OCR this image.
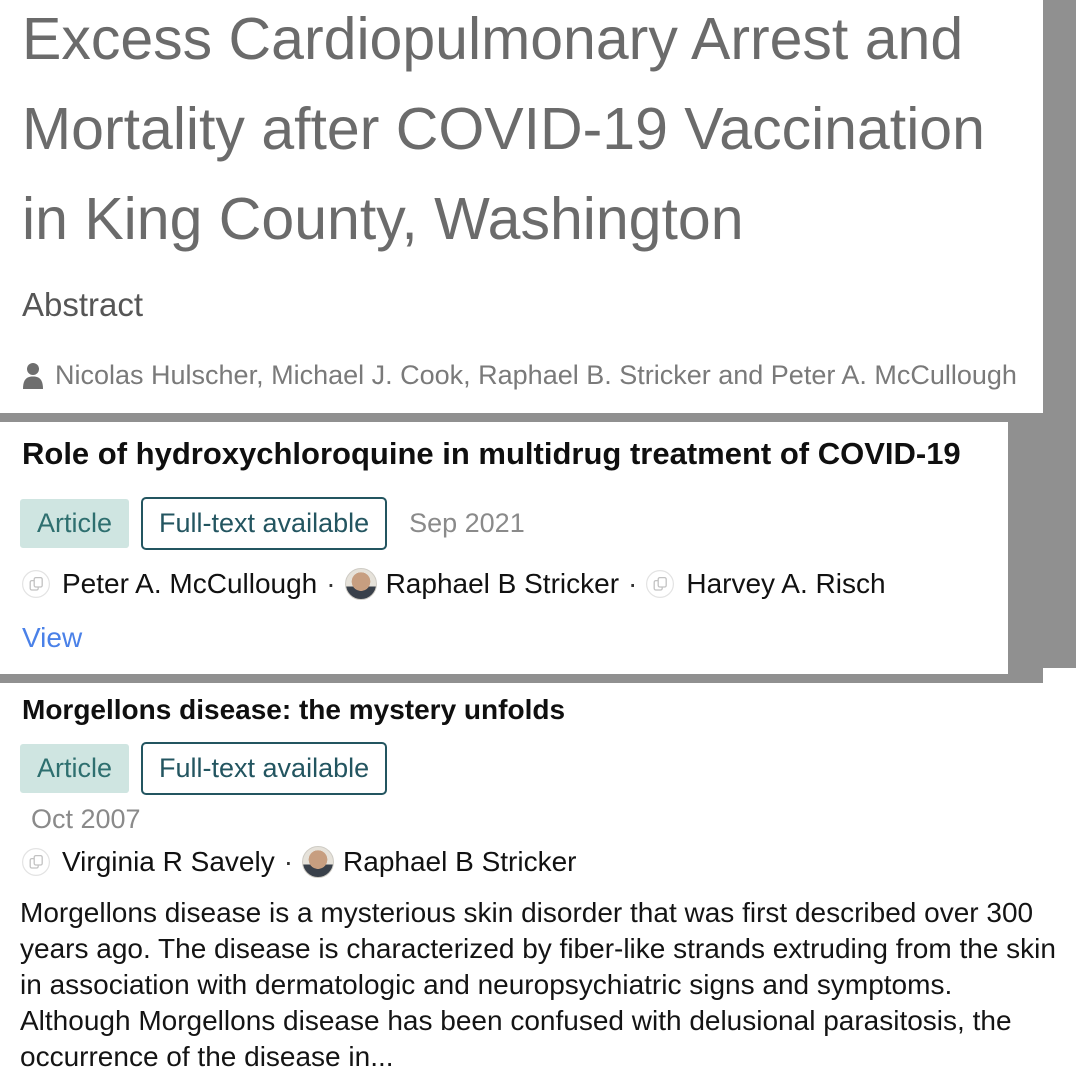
Excess Cardiopulmonary Arrest and Mortality after COVID-19 Vaccination in King County, Washington
Abstract
Nicolas Hulscher, Michael J. Cook, Raphael B. Stricker and Peter A. McCullough
Role of hydroxychloroquine in multidrug treatment of COVID-19
Article	Full-text available	Sep 2021
Peter A. McCullough · Raphael B Stricker · Harvey A. Risch
View
Morgellons disease: the mystery unfolds
Article	Full-text available
Oct 2007
Virginia R Savely · Raphael B Stricker
Morgellons disease is a mysterious skin disorder that was first described over 300
years ago. The disease is characterized by fiber-like strands extruding from the skin
in association with dermatologic and neuropsychiatric signs and symptoms.
Although Morgellons disease has been confused with delusional parasitosis, the
occurrence of the disease in...
